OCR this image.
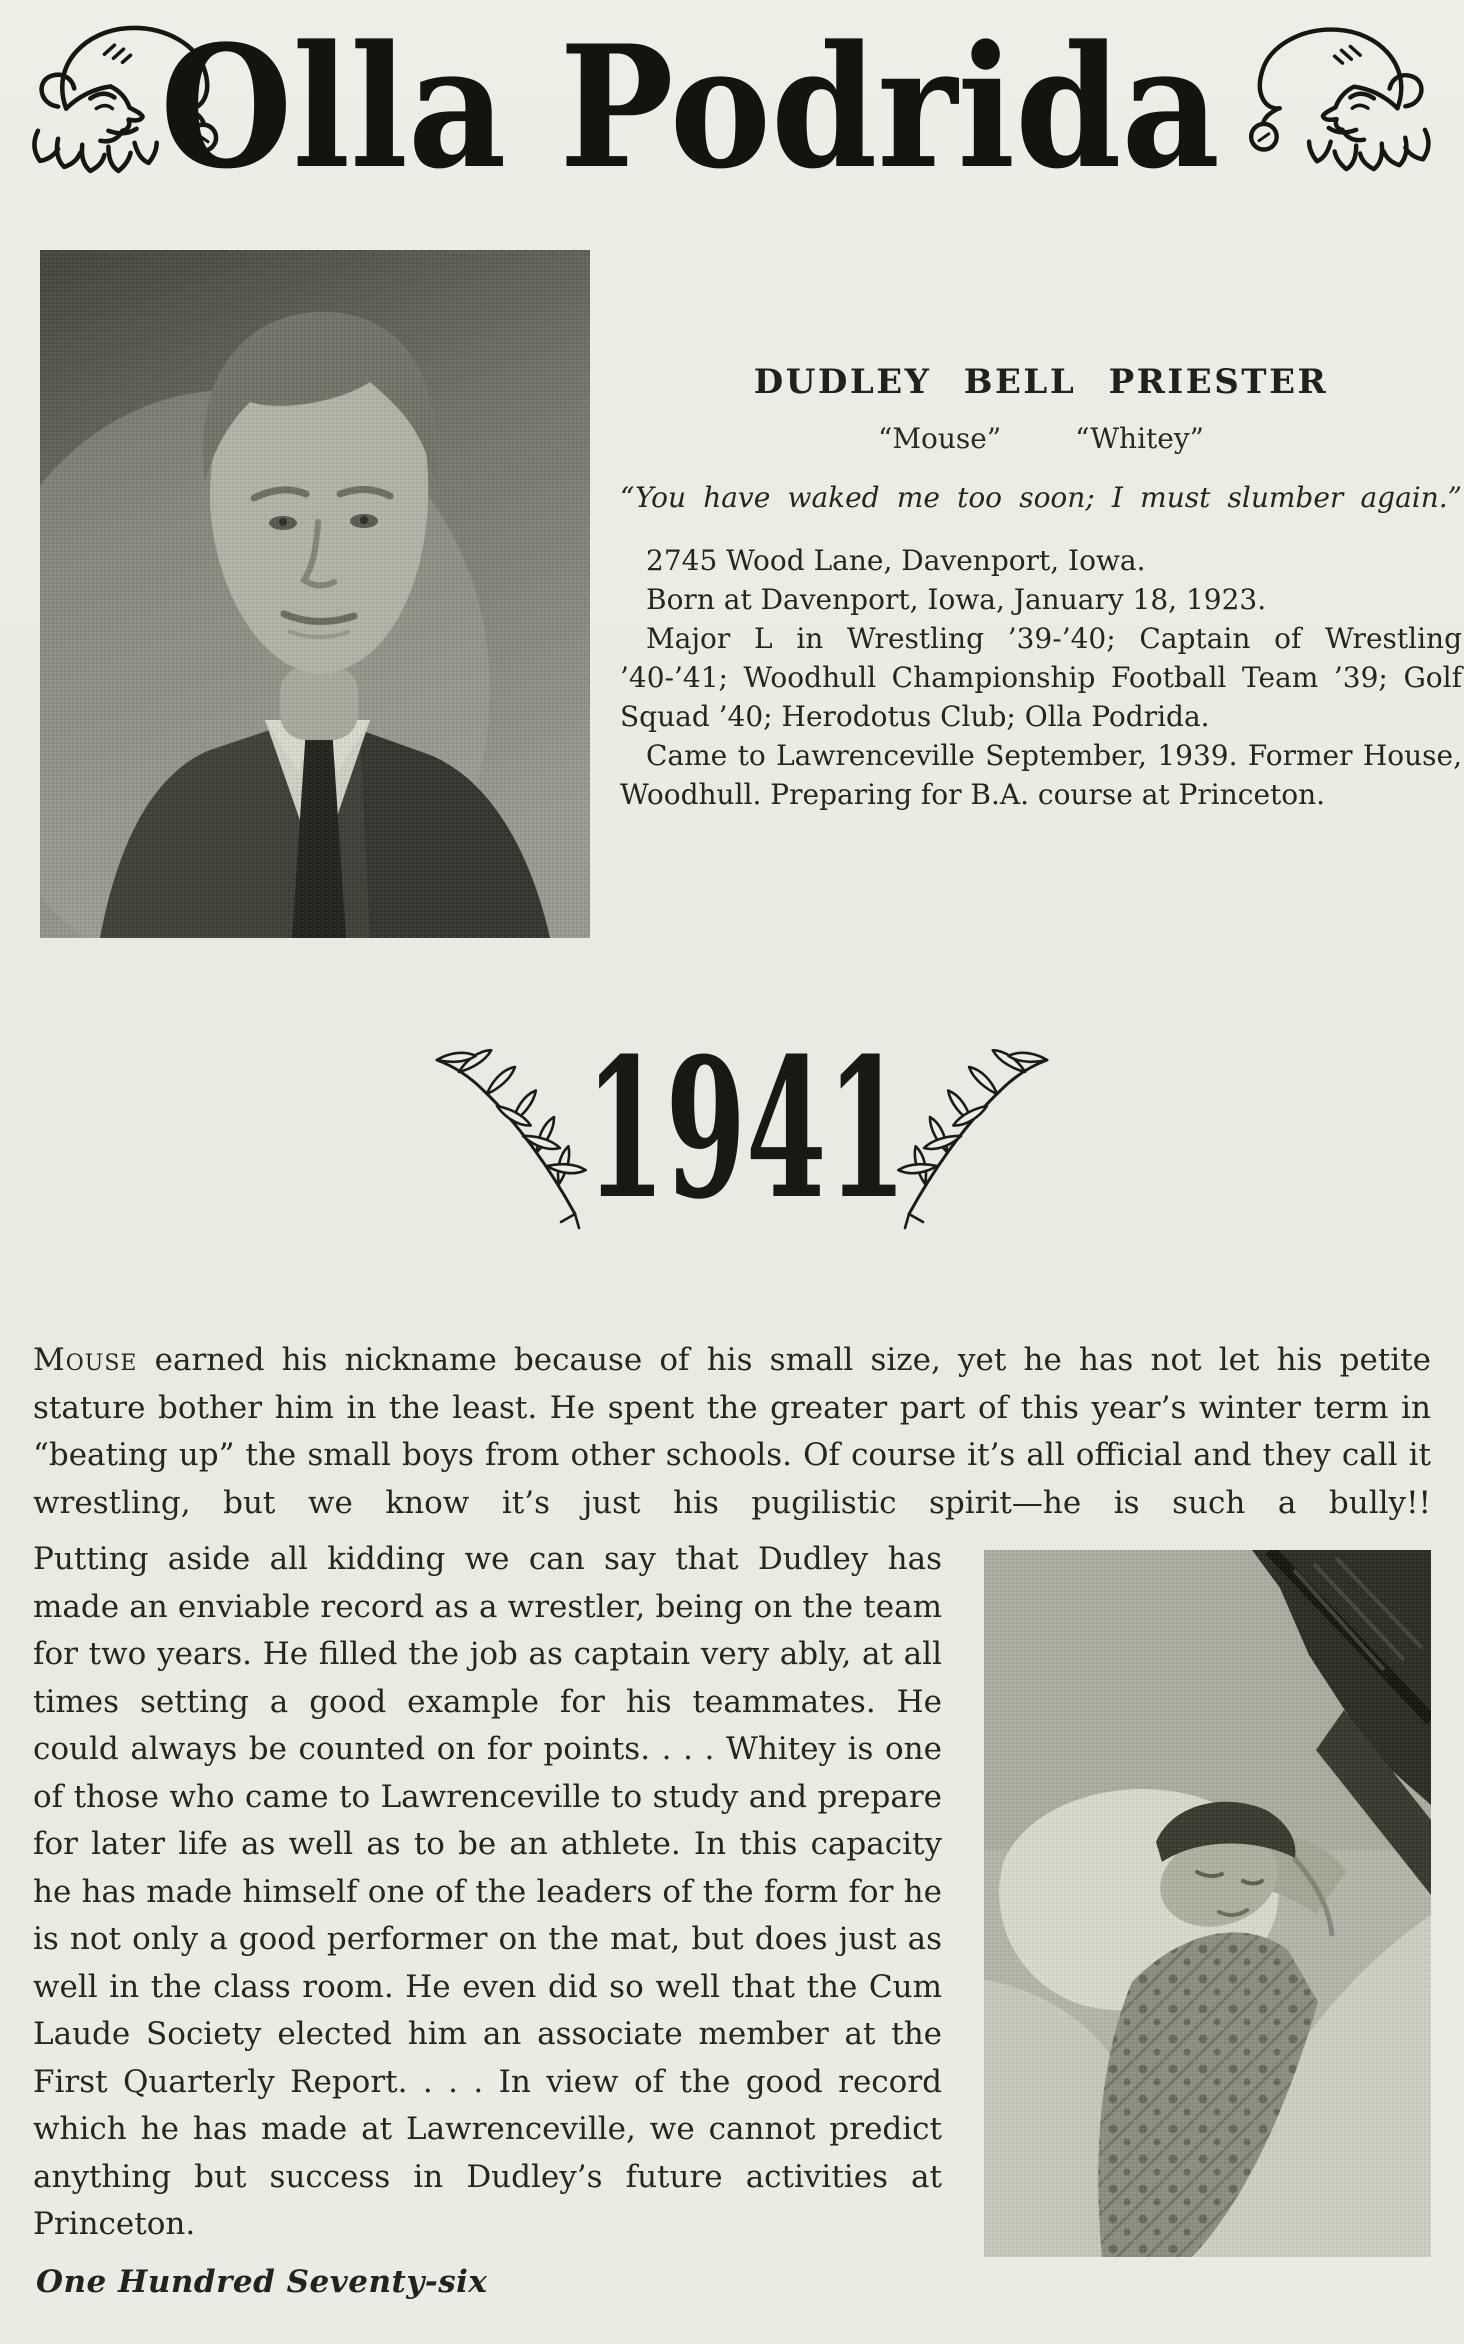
Olla Podrida
DUDLEY BELL PRIESTER
“Mouse”	“Whitey”
“You have waked me too soon; I must slumber again.”

2745 Wood Lane, Davenport, Iowa.

Born at Davenport, Iowa, January 18, 1923.

Major L in Wrestling ’39-’40; Captain of Wrestling ’40-’41; Woodhull Championship Football Team ’39; Golf Squad ’40; Herodotus Club; Olla Podrida.

Came to Lawrenceville September, 1939. Former House, Woodhull. Preparing for B.A. course at Princeton.

1941

Mouse earned his nickname because of his small size, yet he has not let his petite stature bother him in the least. He spent the greater part of this year’s winter term in “beating up” the small boys from other schools. Of course it’s all official and they call it wrestling, but we know it’s just his pugilistic spirit—he is such a bully!!

Putting aside all kidding we can say that Dudley has made an enviable record as a wrestler, being on the team for two years. He filled the job as captain very ably, at all times setting a good example for his teammates. He could always be counted on for points. . . . Whitey is one of those who came to Lawrenceville to study and prepare for later life as well as to be an athlete. In this capacity he has made himself one of the leaders of the form for he is not only a good performer on the mat, but does just as well in the class room. He even did so well that the Cum Laude Society elected him an associate member at the First Quarterly Report. . . . In view of the good record which he has made at Lawrenceville, we cannot predict anything but success in Dudley’s future activities at Princeton.

One Hundred Seventy-six
